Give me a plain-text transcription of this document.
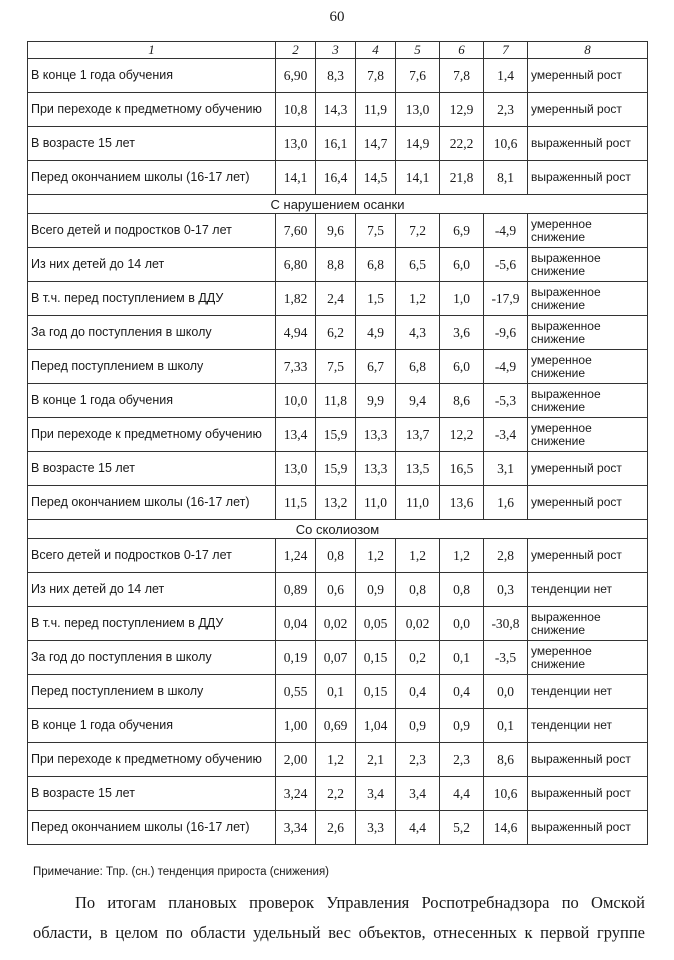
60
1	2	3	4	5	6	7	8
В конце 1 года обучения	6,90	8,3	7,8	7,6	7,8	1,4	умеренный рост
При переходе к предметному обучению	10,8	14,3	11,9	13,0	12,9	2,3	умеренный рост
В возрасте 15 лет	13,0	16,1	14,7	14,9	22,2	10,6	выраженный рост
Перед окончанием школы (16-17 лет)	14,1	16,4	14,5	14,1	21,8	8,1	выраженный рост
С нарушением осанки							
Всего детей и подростков 0-17 лет	7,60	9,6	7,5	7,2	6,9	-4,9	умеренное снижение
Из них детей до 14 лет	6,80	8,8	6,8	6,5	6,0	-5,6	выраженное снижение
В т.ч. перед поступлением в ДДУ	1,82	2,4	1,5	1,2	1,0	-17,9	выраженное снижение
За год до поступления в школу	4,94	6,2	4,9	4,3	3,6	-9,6	выраженное снижение
Перед поступлением в школу	7,33	7,5	6,7	6,8	6,0	-4,9	умеренное снижение
В конце 1 года обучения	10,0	11,8	9,9	9,4	8,6	-5,3	выраженное снижение
При переходе к предметному обучению	13,4	15,9	13,3	13,7	12,2	-3,4	умеренное снижение
В возрасте 15 лет	13,0	15,9	13,3	13,5	16,5	3,1	умеренный рост
Перед окончанием школы (16-17 лет)	11,5	13,2	11,0	11,0	13,6	1,6	умеренный рост
Со сколиозом							
Всего детей и подростков 0-17 лет	1,24	0,8	1,2	1,2	1,2	2,8	умеренный рост
Из них детей до 14 лет	0,89	0,6	0,9	0,8	0,8	0,3	тенденции нет
В т.ч. перед поступлением в ДДУ	0,04	0,02	0,05	0,02	0,0	-30,8	выраженное снижение
За год до поступления в школу	0,19	0,07	0,15	0,2	0,1	-3,5	умеренное снижение
Перед поступлением в школу	0,55	0,1	0,15	0,4	0,4	0,0	тенденции нет
В конце 1 года обучения	1,00	0,69	1,04	0,9	0,9	0,1	тенденции нет
При переходе к предметному обучению	2,00	1,2	2,1	2,3	2,3	8,6	выраженный рост
В возрасте 15 лет	3,24	2,2	3,4	3,4	4,4	10,6	выраженный рост
Перед окончанием школы (16-17 лет)	3,34	2,6	3,3	4,4	5,2	14,6	выраженный рост
Примечание: Тпр. (сн.) тенденция прироста (снижения)

По итогам плановых проверок Управления Роспотребнадзора по Омской области, в целом по области удельный вес объектов, отнесенных к первой группе
